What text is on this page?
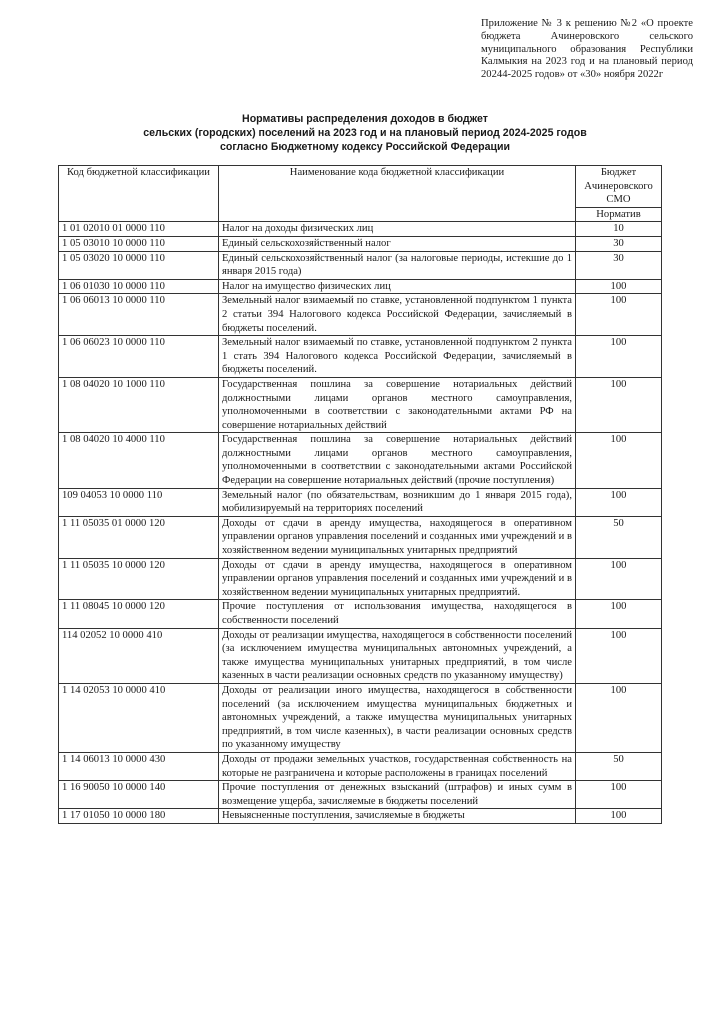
Приложение № 3 к решению №2 «О проекте бюджета Ачинеровского сельского муниципального образования Республики Калмыкия на 2023 год и на плановый период 20244-2025 годов» от «30» ноября 2022г
Нормативы распределения доходов в бюджет
сельских (городских) поселений на 2023 год и на плановый период 2024-2025 годов
согласно Бюджетному кодексу Российской Федерации
Код бюджетной классификации	Наименование кода бюджетной классификации	Бюджет Ачинеровского СМО
		Норматив
1 01 02010 01 0000 110	Налог на доходы физических лиц	10
1 05 03010 10 0000 110	Единый сельскохозяйственный налог	30
1 05 03020 10 0000 110	Единый сельскохозяйственный налог (за налоговые периоды, истекшие до 1 января 2015 года)	30
1 06 01030 10 0000 110	Налог на имущество физических лиц	100
1 06 06013 10 0000 110	Земельный налог взимаемый по ставке, установленной подпунктом 1 пункта 2 статьи 394 Налогового кодекса Российской Федерации, зачисляемый в бюджеты поселений.	100
1 06 06023 10 0000 110	Земельный налог взимаемый по ставке, установленной подпунктом 2 пункта 1 стать 394 Налогового кодекса Российской Федерации, зачисляемый в бюджеты поселений.	100
1 08 04020 10 1000 110	Государственная пошлина за совершение нотариальных действий должностными лицами органов местного самоуправления, уполномоченными в соответствии с законодательными актами РФ на совершение нотариальных действий	100
1 08 04020 10 4000 110	Государственная пошлина за совершение нотариальных действий должностными лицами органов местного самоуправления, уполномоченными в соответствии с законодательными актами Российской Федерации на совершение нотариальных действий (прочие поступления)	100
109 04053 10 0000 110	Земельный налог (по обязательствам, возникшим до 1 января 2015 года), мобилизируемый на территориях поселений	100
1 11 05035 01 0000 120	Доходы от сдачи в аренду имущества, находящегося в оперативном управлении органов управления поселений и созданных ими учреждений и в хозяйственном ведении муниципальных унитарных предприятий	50
1 11 05035 10 0000 120	Доходы от сдачи в аренду имущества, находящегося в оперативном управлении органов управления поселений и созданных ими учреждений и в хозяйственном ведении муниципальных унитарных предприятий.	100
1 11 08045 10 0000 120	Прочие поступления от использования имущества, находящегося в собственности поселений	100
114 02052 10 0000 410	Доходы от реализации имущества, находящегося в собственности поселений (за исключением имущества муниципальных автономных учреждений, а также имущества муниципальных унитарных предприятий, в том числе казенных в части реализации основных средств по указанному имуществу)	100
1 14 02053 10 0000 410	Доходы от реализации иного имущества, находящегося в собственности поселений (за исключением имущества муниципальных бюджетных и автономных учреждений, а также имущества муниципальных унитарных предприятий, в том числе казенных), в части реализации основных средств по указанному имуществу	100
1 14 06013 10 0000 430	Доходы от продажи земельных участков, государственная собственность на которые не разграничена и которые расположены в границах поселений	50
1 16 90050 10 0000 140	Прочие поступления от денежных взысканий (штрафов) и иных сумм в возмещение ущерба, зачисляемые в бюджеты поселений	100
1 17 01050 10 0000 180	Невыясненные поступления, зачисляемые в бюджеты	100
